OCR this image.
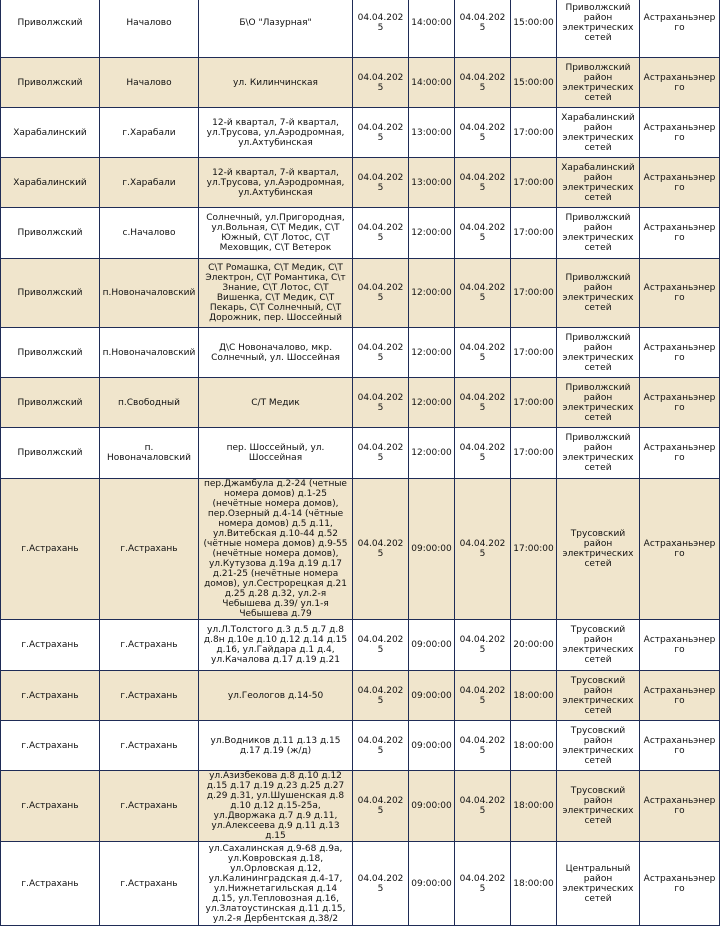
Приволжский	Началово	Б\О "Лазурная"	04.04.2025	14:00:00	04.04.2025	15:00:00	Приволжский район электрических сетей	Астраханьэнерго
Приволжский	Началово	ул. Килинчинская	04.04.2025	14:00:00	04.04.2025	15:00:00	Приволжский район электрических сетей	Астраханьэнерго
Харабалинский	г.Харабали	12-й квартал, 7-й квартал, ул.Трусова, ул.Аэродромная, ул.Ахтубинская	04.04.2025	13:00:00	04.04.2025	17:00:00	Харабалинский район электрических сетей	Астраханьэнерго
Харабалинский	г.Харабали	12-й квартал, 7-й квартал, ул.Трусова, ул.Аэродромная, ул.Ахтубинская	04.04.2025	13:00:00	04.04.2025	17:00:00	Харабалинский район электрических сетей	Астраханьэнерго
Приволжский	с.Началово	Солнечный, ул.Пригородная, ул.Вольная, С\Т Медик, С\Т Южный, С\Т Лотос, С\Т Меховщик, С\Т Ветерок	04.04.2025	12:00:00	04.04.2025	17:00:00	Приволжский район электрических сетей	Астраханьэнерго
Приволжский	п.Новоначаловский	С\Т Ромашка, С\Т Медик, С\Т Электрон, С\Т Романтика, С\т Знание, С\Т Лотос, С\Т Вишенка, С\Т Медик, С\Т Пекарь, С\Т Солнечный, С\Т Дорожник, пер. Шоссейный	04.04.2025	12:00:00	04.04.2025	17:00:00	Приволжский район электрических сетей	Астраханьэнерго
Приволжский	п.Новоначаловский	Д\С Новоначалово, мкр. Солнечный, ул. Шоссейная	04.04.2025	12:00:00	04.04.2025	17:00:00	Приволжский район электрических сетей	Астраханьэнерго
Приволжский	п.Свободный	С/Т Медик	04.04.2025	12:00:00	04.04.2025	17:00:00	Приволжский район электрических сетей	Астраханьэнерго
Приволжский	п. Новоначаловский	пер. Шоссейный, ул. Шоссейная	04.04.2025	12:00:00	04.04.2025	17:00:00	Приволжский район электрических сетей	Астраханьэнерго
г.Астрахань	г.Астрахань	пер.Джамбула д.2-24 (четные номера домов) д.1-25 (нечётные номера домов), пер.Озерный д.4-14 (чётные номера домов) д.5 д.11, ул.Витебская д.10-44 д.52 (чётные номера домов) д.9-55 (нечётные номера домов), ул.Кутузова д.19а д.19 д.17 д.21-25 (нечётные номера домов), ул.Сестрорецкая д.21 д.25 д.28 д.32, ул.2-я Чебышева д.39/ ул.1-я Чебышева д.79	04.04.2025	09:00:00	04.04.2025	17:00:00	Трусовский район электрических сетей	Астраханьэнерго
г.Астрахань	г.Астрахань	ул.Л.Толстого д.3 д.5 д.7 д.8 д.8н д.10е д.10 д.12 д.14 д.15 д.16, ул.Гайдара д.1 д.4, ул.Качалова д.17 д.19 д.21	04.04.2025	09:00:00	04.04.2025	20:00:00	Трусовский район электрических сетей	Астраханьэнерго
г.Астрахань	г.Астрахань	ул.Геологов д.14-50	04.04.2025	09:00:00	04.04.2025	18:00:00	Трусовский район электрических сетей	Астраханьэнерго
г.Астрахань	г.Астрахань	ул.Водников д.11 д.13 д.15 д.17 д.19 (ж/д)	04.04.2025	09:00:00	04.04.2025	18:00:00	Трусовский район электрических сетей	Астраханьэнерго
г.Астрахань	г.Астрахань	ул.Азизбекова д.8 д.10 д.12 д.15 д.17 д.19 д.23 д.25 д.27 д.29 д.31, ул.Шушенская д.8 д.10 д.12 д.15-25а, ул.Дворжака д.7 д.9 д.11, ул.Алексеева д.9 д.11 д.13 д.15	04.04.2025	09:00:00	04.04.2025	18:00:00	Трусовский район электрических сетей	Астраханьэнерго
г.Астрахань	г.Астрахань	ул.Сахалинская д.9-68 д.9а, ул.Ковровская д.18, ул.Орловская д.12, ул.Калининградская д.4-17, ул.Нижнетагильская д.14 д.15, ул.Тепловозная д.16, ул.Златоустинская д.11 д.15, ул.2-я Дербентская д.38/2	04.04.2025	09:00:00	04.04.2025	18:00:00	Центральный район электрических сетей	Астраханьэнерго
